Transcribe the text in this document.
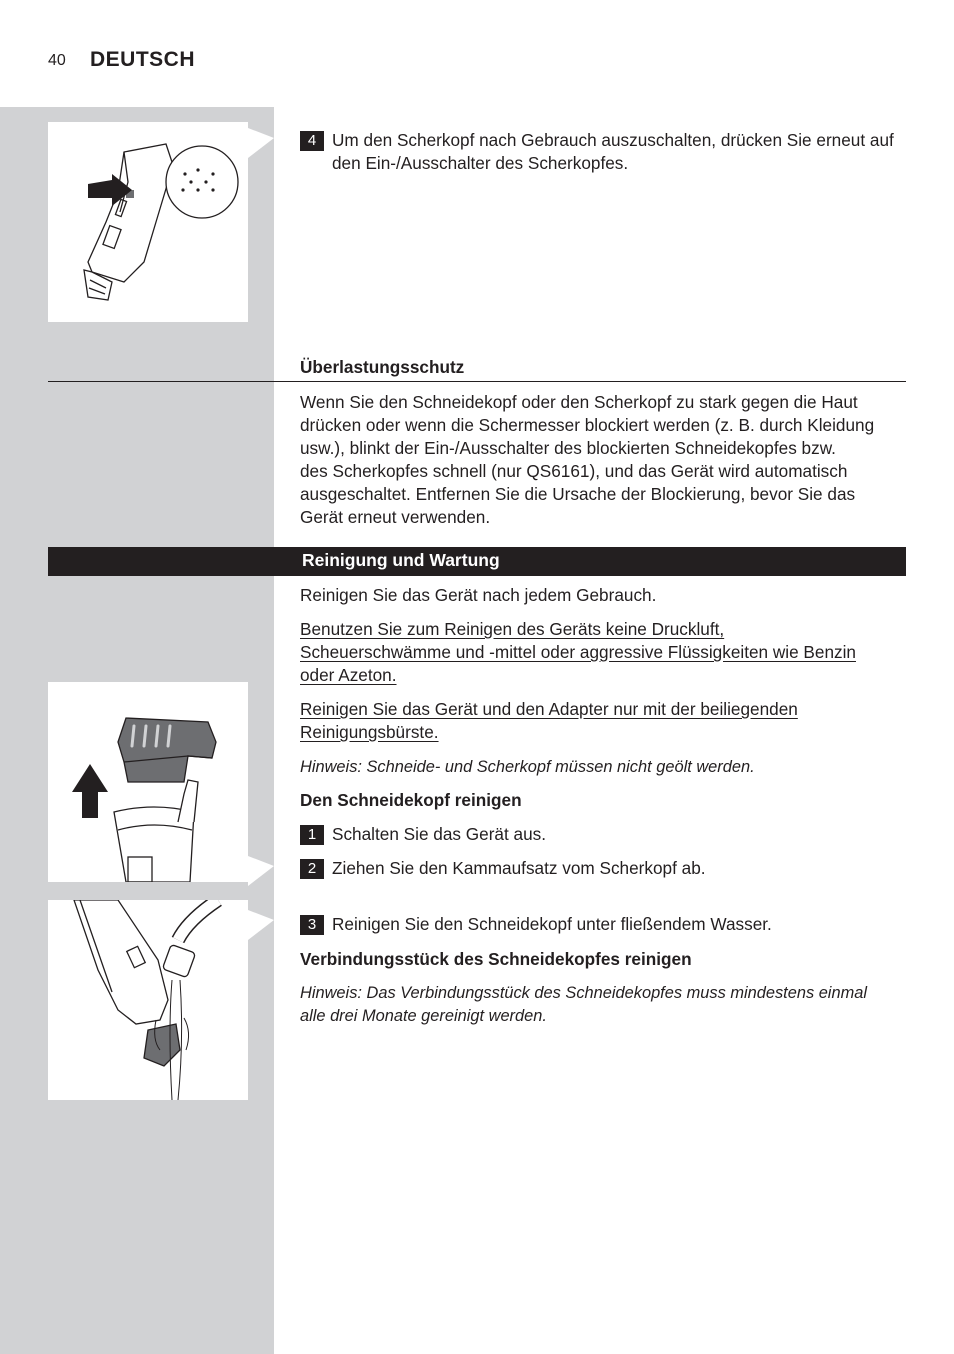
40 DEUTSCH
4 Um den Scherkopf nach Gebrauch auszuschalten, drücken Sie erneut auf den Ein-/Ausschalter des Scherkopfes.
Überlastungsschutz
Wenn Sie den Schneidekopf oder den Scherkopf zu stark gegen die Haut
drücken oder wenn die Schermesser blockiert werden (z. B. durch Kleidung
usw.), blinkt der Ein-/Ausschalter des blockierten Schneidekopfes bzw.
des Scherkopfes schnell (nur QS6161), und das Gerät wird automatisch
ausgeschaltet. Entfernen Sie die Ursache der Blockierung, bevor Sie das
Gerät erneut verwenden.
Reinigung und Wartung
Reinigen Sie das Gerät nach jedem Gebrauch.
Benutzen Sie zum Reinigen des Geräts keine Druckluft,
Scheuerschwämme und -mittel oder aggressive Flüssigkeiten wie Benzin
oder Azeton.
Reinigen Sie das Gerät und den Adapter nur mit der beiliegenden
Reinigungsbürste.
Hinweis: Schneide- und Scherkopf müssen nicht geölt werden.
Den Schneidekopf reinigen
1 Schalten Sie das Gerät aus.
2 Ziehen Sie den Kammaufsatz vom Scherkopf ab.
3 Reinigen Sie den Schneidekopf unter fließendem Wasser.
Verbindungsstück des Schneidekopfes reinigen
Hinweis: Das Verbindungsstück des Schneidekopfes muss mindestens einmal
alle drei Monate gereinigt werden.
